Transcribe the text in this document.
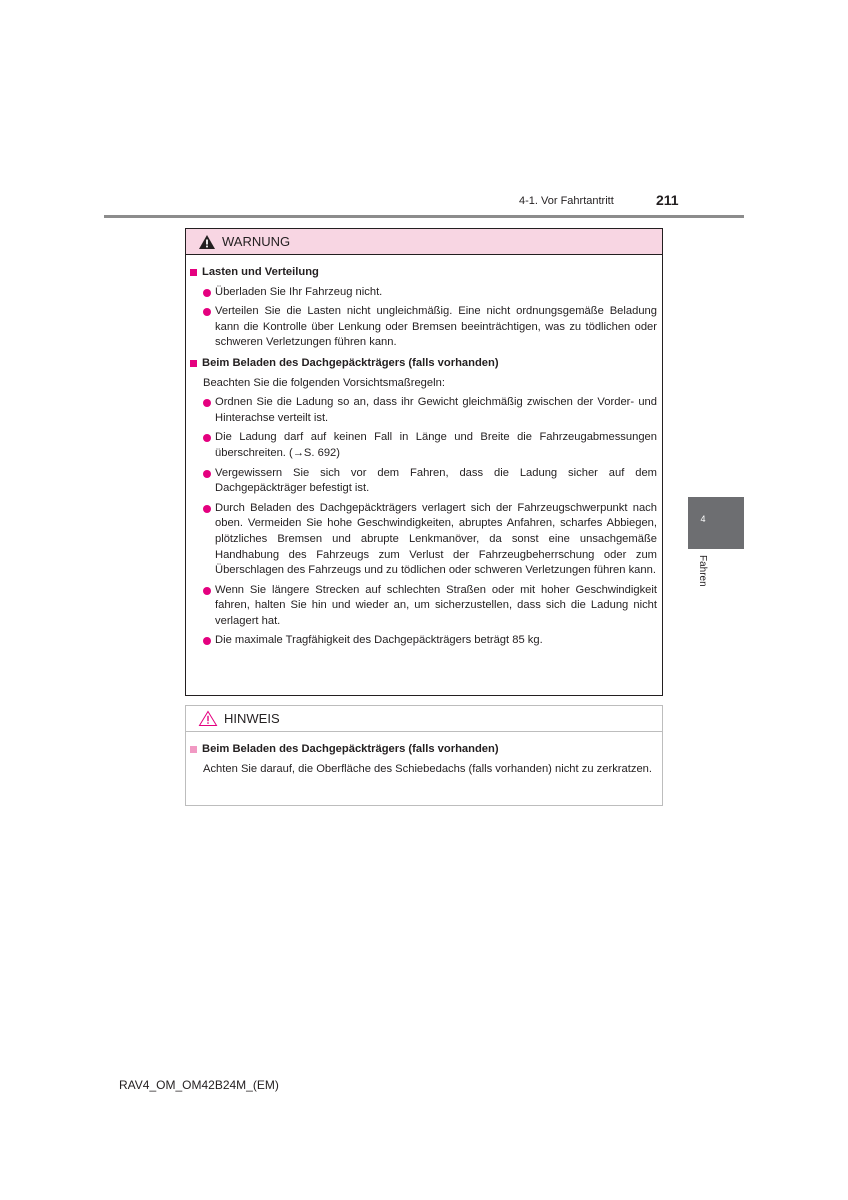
4-1. Vor Fahrtantritt	211
WARNUNG
Lasten und Verteilung
Überladen Sie Ihr Fahrzeug nicht.
Verteilen Sie die Lasten nicht ungleichmäßig. Eine nicht ordnungsgemäße Beladung kann die Kontrolle über Lenkung oder Bremsen beeinträchtigen, was zu tödlichen oder schweren Verletzungen führen kann.
Beim Beladen des Dachgepäckträgers (falls vorhanden)
Beachten Sie die folgenden Vorsichtsmaßregeln:
Ordnen Sie die Ladung so an, dass ihr Gewicht gleichmäßig zwischen der Vorder- und Hinterachse verteilt ist.
Die Ladung darf auf keinen Fall in Länge und Breite die Fahrzeugabmessungen überschreiten. (→S. 692)
Vergewissern Sie sich vor dem Fahren, dass die Ladung sicher auf dem Dachgepäckträger befestigt ist.
Durch Beladen des Dachgepäckträgers verlagert sich der Fahrzeugschwerpunkt nach oben. Vermeiden Sie hohe Geschwindigkeiten, abruptes Anfahren, scharfes Abbiegen, plötzliches Bremsen und abrupte Lenkmanöver, da sonst eine unsachgemäße Handhabung des Fahrzeugs zum Verlust der Fahrzeugbeherrschung oder zum Überschlagen des Fahrzeugs und zu tödlichen oder schweren Verletzungen führen kann.
Wenn Sie längere Strecken auf schlechten Straßen oder mit hoher Geschwindigkeit fahren, halten Sie hin und wieder an, um sicherzustellen, dass sich die Ladung nicht verlagert hat.
Die maximale Tragfähigkeit des Dachgepäckträgers beträgt 85 kg.
HINWEIS
Beim Beladen des Dachgepäckträgers (falls vorhanden)
Achten Sie darauf, die Oberfläche des Schiebedachs (falls vorhanden) nicht zu zerkratzen.
4
Fahren
RAV4_OM_OM42B24M_(EM)
